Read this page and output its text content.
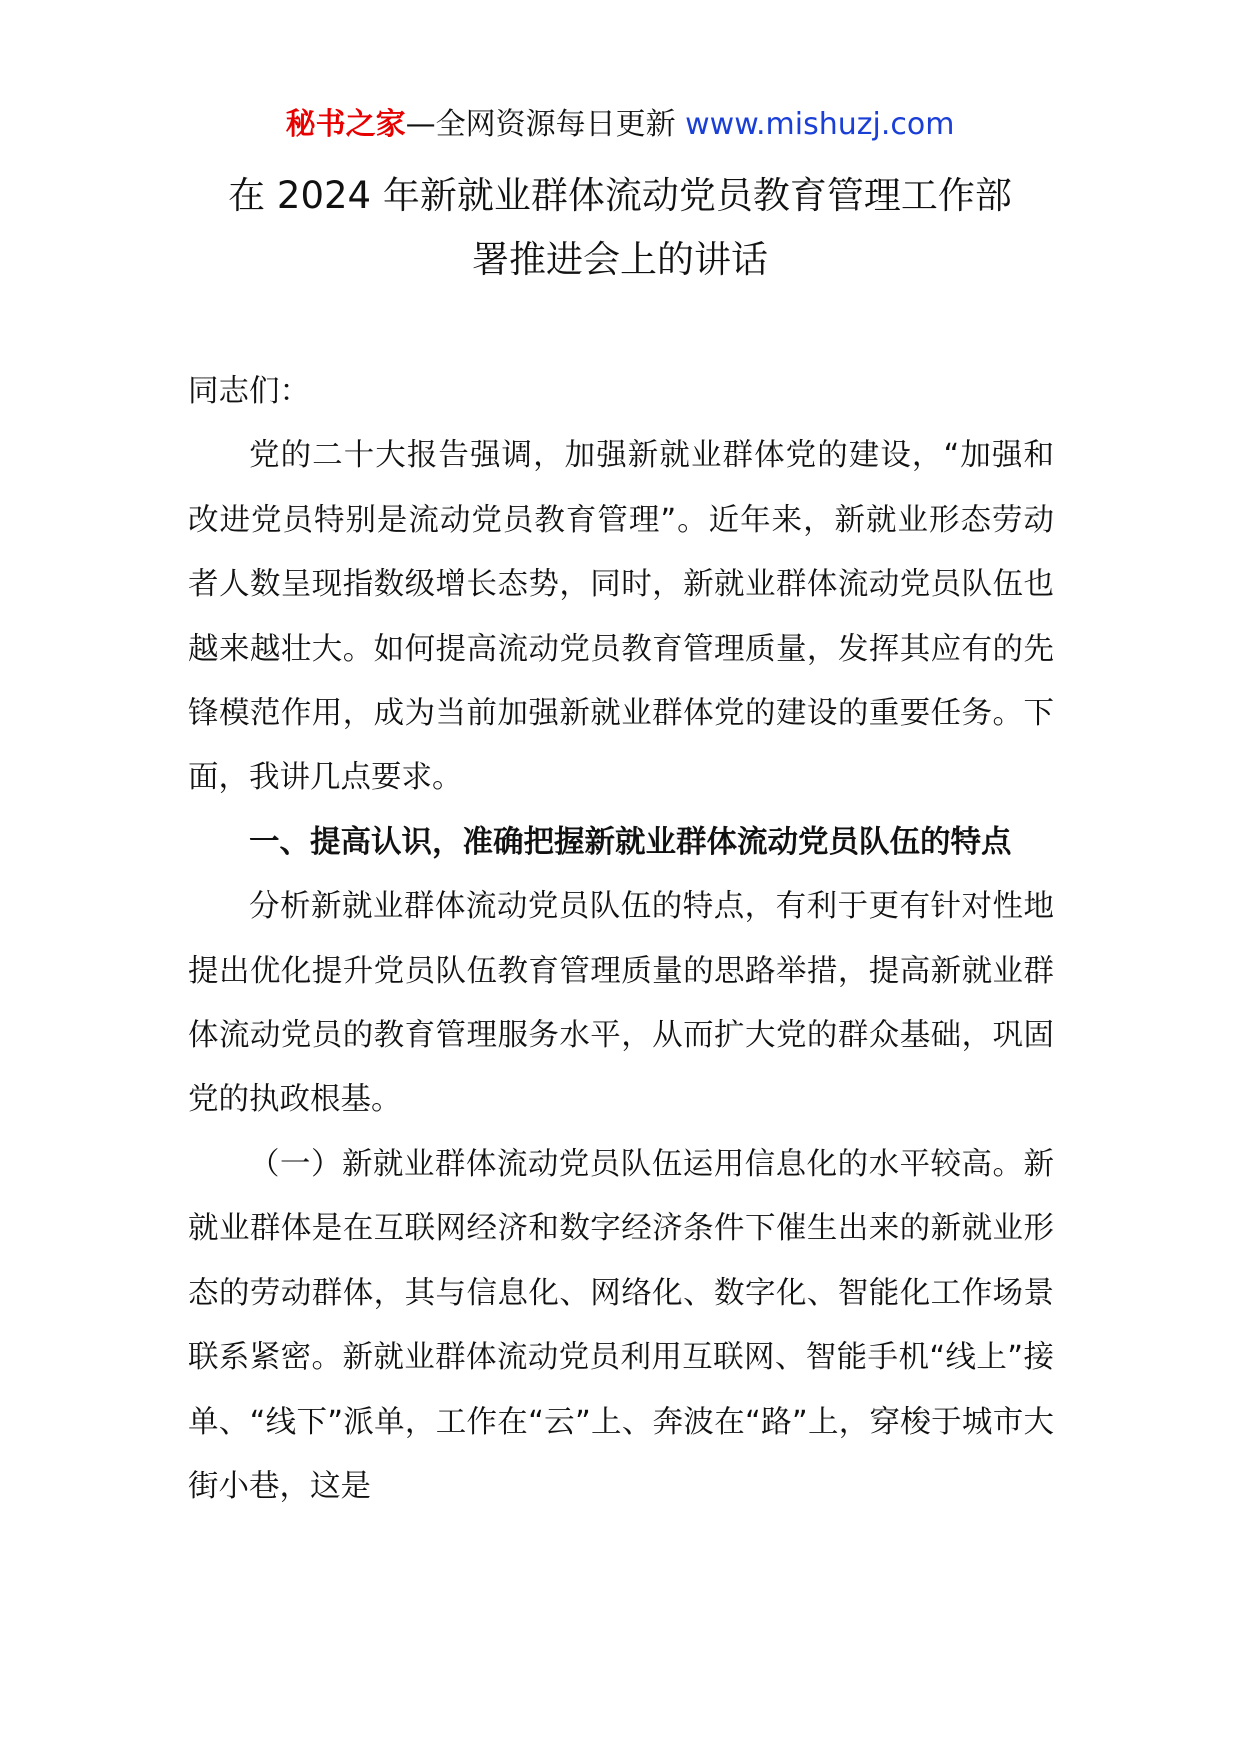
秘书之家—全网资源每日更新 www.mishuzj.com
在 2024 年新就业群体流动党员教育管理工作部
署推进会上的讲话

同志们：

党的二十大报告强调，加强新就业群体党的建设，“加强和改进党员特别是流动党员教育管理”。近年来，新就业形态劳动者人数呈现指数级增长态势，同时，新就业群体流动党员队伍也越来越壮大。如何提高流动党员教育管理质量，发挥其应有的先锋模范作用，成为当前加强新就业群体党的建设的重要任务。下面，我讲几点要求。

一、提高认识，准确把握新就业群体流动党员队伍的特点

分析新就业群体流动党员队伍的特点，有利于更有针对性地提出优化提升党员队伍教育管理质量的思路举措，提高新就业群体流动党员的教育管理服务水平，从而扩大党的群众基础，巩固党的执政根基。

（一）新就业群体流动党员队伍运用信息化的水平较高。新就业群体是在互联网经济和数字经济条件下催生出来的新就业形态的劳动群体，其与信息化、网络化、数字化、智能化工作场景联系紧密。新就业群体流动党员利用互联网、智能手机“线上”接单、“线下”派单，工作在“云”上、奔波在“路”上，穿梭于城市大街小巷，这是
